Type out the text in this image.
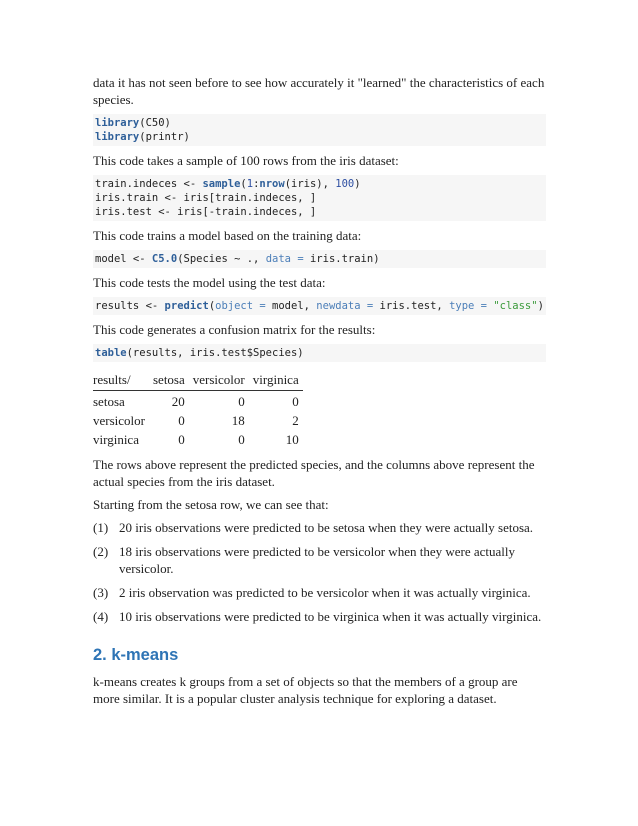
data it has not seen before to see how accurately it "learned" the characteristics of each species.

library(C50)
library(printr)

This code takes a sample of 100 rows from the iris dataset:

train.indeces <- sample(1:nrow(iris), 100)
iris.train <- iris[train.indeces, ]
iris.test <- iris[-train.indeces, ]

This code trains a model based on the training data:

model <- C5.0(Species ~ ., data = iris.train)

This code tests the model using the test data:

results <- predict(object = model, newdata = iris.test, type = "class")

This code generates a confusion matrix for the results:

table(results, iris.test$Species)
results/	setosa	versicolor	virginica
setosa	20	0	0
versicolor	0	18	2
virginica	0	0	10

The rows above represent the predicted species, and the columns above represent the actual species from the iris dataset.

Starting from the setosa row, we can see that:

(1) 20 iris observations were predicted to be setosa when they were actually setosa.
(2) 18 iris observations were predicted to be versicolor when they were actually versicolor.
(3) 2 iris observation was predicted to be versicolor when it was actually virginica.
(4) 10 iris observations were predicted to be virginica when it was actually virginica.
2. k-means

k-means creates k groups from a set of objects so that the members of a group are more similar. It is a popular cluster analysis technique for exploring a dataset.
